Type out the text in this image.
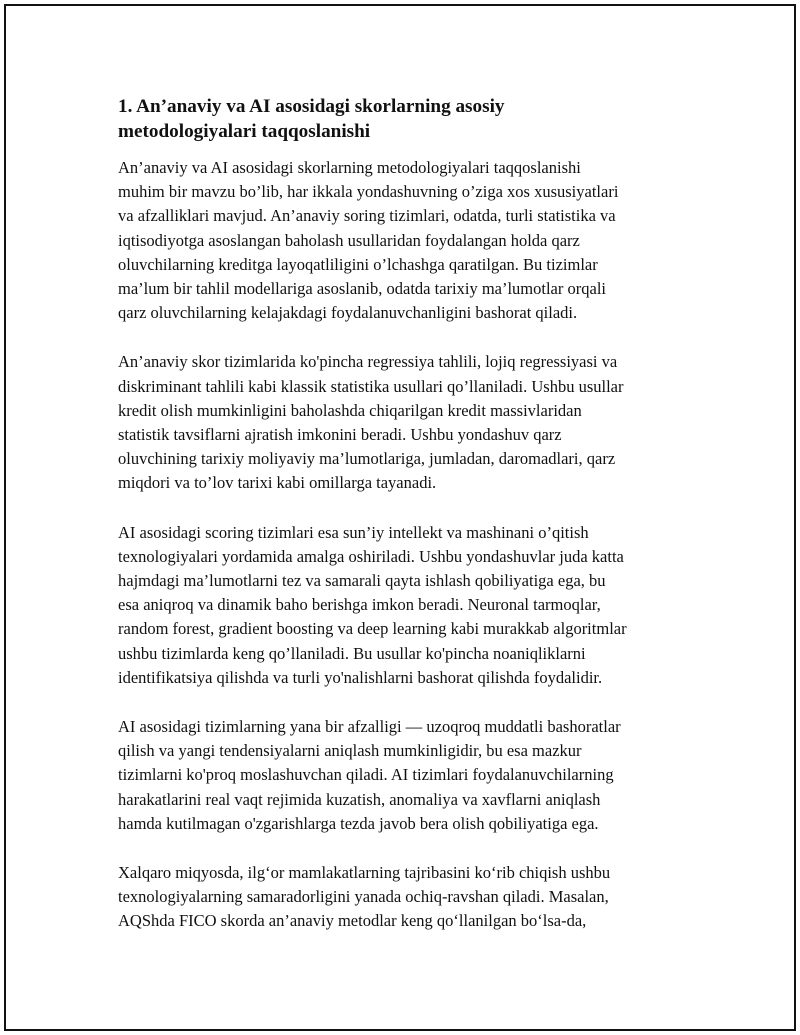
1. An’anaviy va AI asosidagi skorlarning asosiy
metodologiyalari taqqoslanishi

An’anaviy va AI asosidagi skorlarning metodologiyalari taqqoslanishi
muhim bir mavzu bo’lib, har ikkala yondashuvning o’ziga xos xususiyatlari
va afzalliklari mavjud. An’anaviy soring tizimlari, odatda, turli statistika va
iqtisodiyotga asoslangan baholash usullaridan foydalangan holda qarz
oluvchilarning kreditga layoqatliligini o’lchashga qaratilgan. Bu tizimlar
ma’lum bir tahlil modellariga asoslanib, odatda tarixiy ma’lumotlar orqali
qarz oluvchilarning kelajakdagi foydalanuvchanligini bashorat qiladi.

An’anaviy skor tizimlarida ko'pincha regressiya tahlili, lojiq regressiyasi va
diskriminant tahlili kabi klassik statistika usullari qo’llaniladi. Ushbu usullar
kredit olish mumkinligini baholashda chiqarilgan kredit massivlaridan
statistik tavsiflarni ajratish imkonini beradi. Ushbu yondashuv qarz
oluvchining tarixiy moliyaviy ma’lumotlariga, jumladan, daromadlari, qarz
miqdori va to’lov tarixi kabi omillarga tayanadi.

AI asosidagi scoring tizimlari esa sun’iy intellekt va mashinani o’qitish
texnologiyalari yordamida amalga oshiriladi. Ushbu yondashuvlar juda katta
hajmdagi ma’lumotlarni tez va samarali qayta ishlash qobiliyatiga ega, bu
esa aniqroq va dinamik baho berishga imkon beradi. Neuronal tarmoqlar,
random forest, gradient boosting va deep learning kabi murakkab algoritmlar
ushbu tizimlarda keng qo’llaniladi. Bu usullar ko'pincha noaniqliklarni
identifikatsiya qilishda va turli yo'nalishlarni bashorat qilishda foydalidir.

AI asosidagi tizimlarning yana bir afzalligi — uzoqroq muddatli bashoratlar
qilish va yangi tendensiyalarni aniqlash mumkinligidir, bu esa mazkur
tizimlarni ko'proq moslashuvchan qiladi. AI tizimlari foydalanuvchilarning
harakatlarini real vaqt rejimida kuzatish, anomaliya va xavflarni aniqlash
hamda kutilmagan o'zgarishlarga tezda javob bera olish qobiliyatiga ega.

Xalqaro miqyosda, ilg‘or mamlakatlarning tajribasini ko‘rib chiqish ushbu
texnologiyalarning samaradorligini yanada ochiq-ravshan qiladi. Masalan,
AQShda FICO skorda an’anaviy metodlar keng qo‘llanilgan bo‘lsa-da,
